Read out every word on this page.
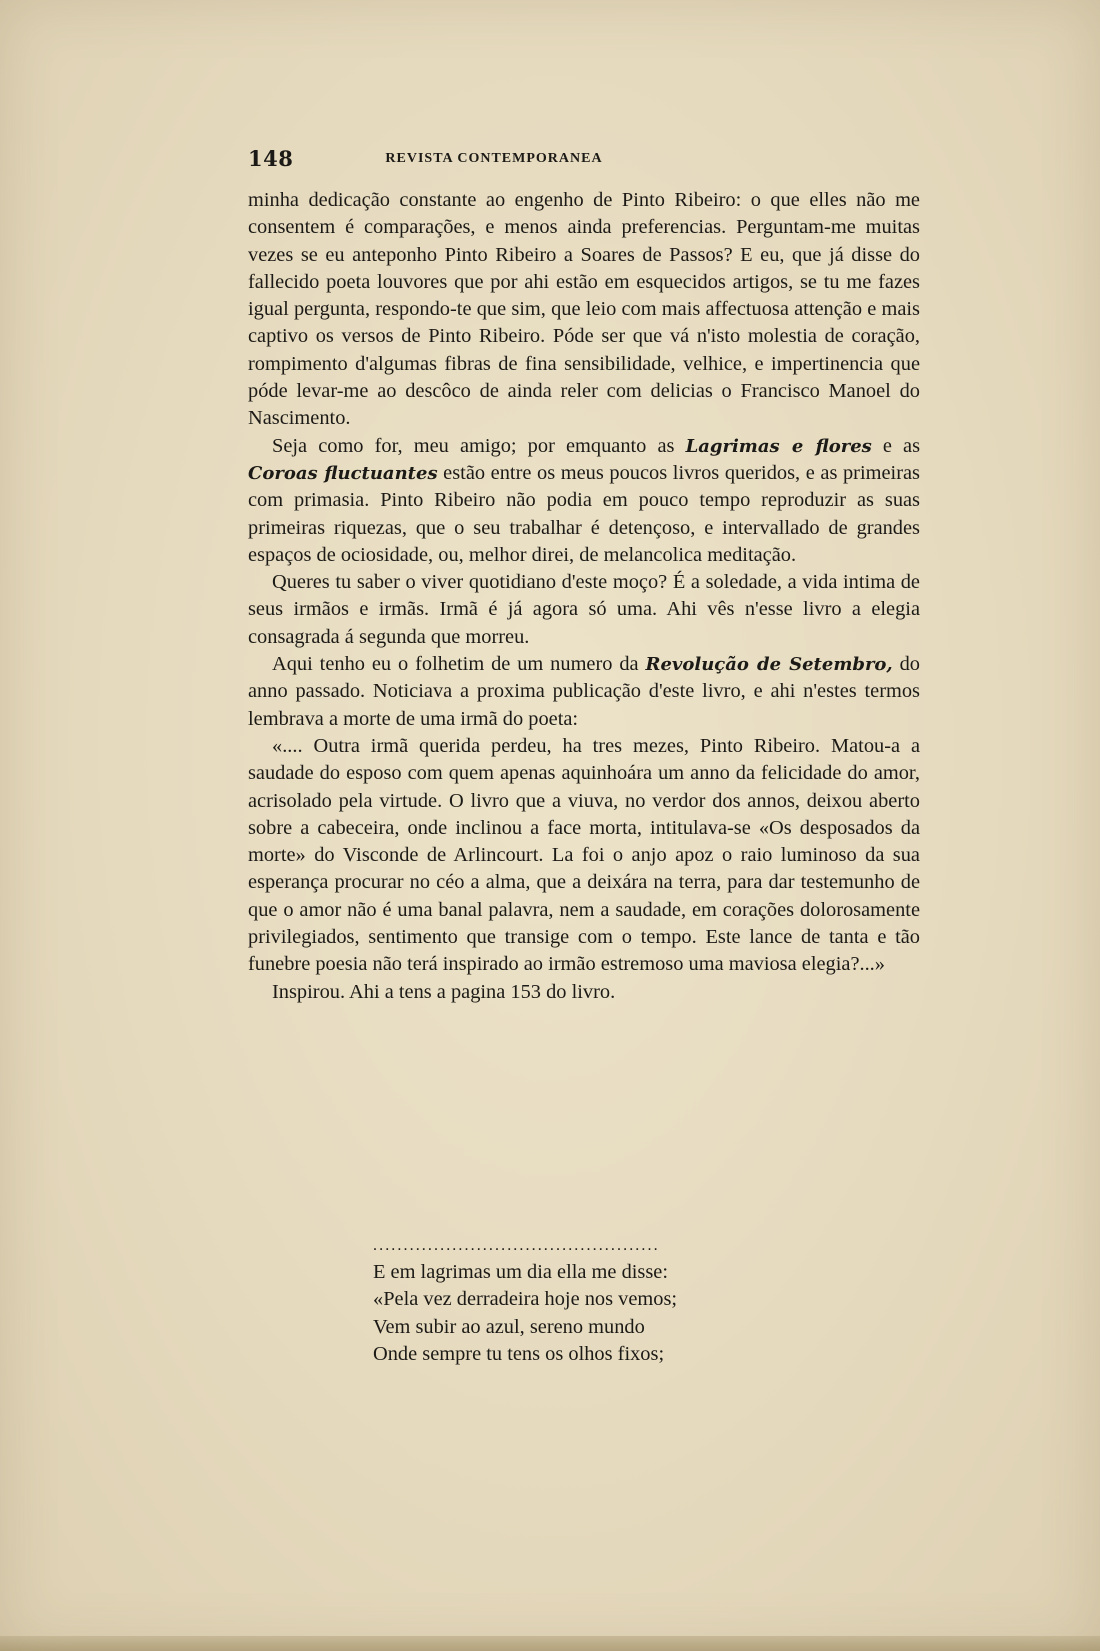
148	REVISTA CONTEMPORANEA

minha dedicação constante ao engenho de Pinto Ribeiro: o que elles não me consentem é comparações, e menos ainda preferencias. Perguntam-me muitas vezes se eu anteponho Pinto Ribeiro a Soares de Passos? E eu, que já disse do fallecido poeta louvores que por ahi estão em esquecidos artigos, se tu me fazes igual pergunta, respondo-te que sim, que leio com mais affectuosa attenção e mais captivo os versos de Pinto Ribeiro. Póde ser que vá n'isto molestia de coração, rompimento d'algumas fibras de fina sensibilidade, velhice, e impertinencia que póde levar-me ao descôco de ainda reler com delicias o Francisco Manoel do Nascimento.

Seja como for, meu amigo; por emquanto as Lagrimas e flores e as Coroas fluctuantes estão entre os meus poucos livros queridos, e as primeiras com primasia. Pinto Ribeiro não podia em pouco tempo reproduzir as suas primeiras riquezas, que o seu trabalhar é detençoso, e intervallado de grandes espaços de ociosidade, ou, melhor direi, de melancolica meditação.

Queres tu saber o viver quotidiano d'este moço? É a soledade, a vida intima de seus irmãos e irmãs. Irmã é já agora só uma. Ahi vês n'esse livro a elegia consagrada á segunda que morreu.

Aqui tenho eu o folhetim de um numero da Revolução de Setembro, do anno passado. Noticiava a proxima publicação d'este livro, e ahi n'estes termos lembrava a morte de uma irmã do poeta:

«.... Outra irmã querida perdeu, ha tres mezes, Pinto Ribeiro. Matou-a a saudade do esposo com quem apenas aquinhoára um anno da felicidade do amor, acrisolado pela virtude. O livro que a viuva, no verdor dos annos, deixou aberto sobre a cabeceira, onde inclinou a face morta, intitulava-se «Os desposados da morte» do Visconde de Arlincourt. La foi o anjo apoz o raio luminoso da sua esperança procurar no céo a alma, que a deixára na terra, para dar testemunho de que o amor não é uma banal palavra, nem a saudade, em corações dolorosamente privilegiados, sentimento que transige com o tempo. Este lance de tanta e tão funebre poesia não terá inspirado ao irmão estremoso uma maviosa elegia?...»

Inspirou. Ahi a tens a pagina 153 do livro.

...............................................
E em lagrimas um dia ella me disse:
«Pela vez derradeira hoje nos vemos;
Vem subir ao azul, sereno mundo
Onde sempre tu tens os olhos fixos;
